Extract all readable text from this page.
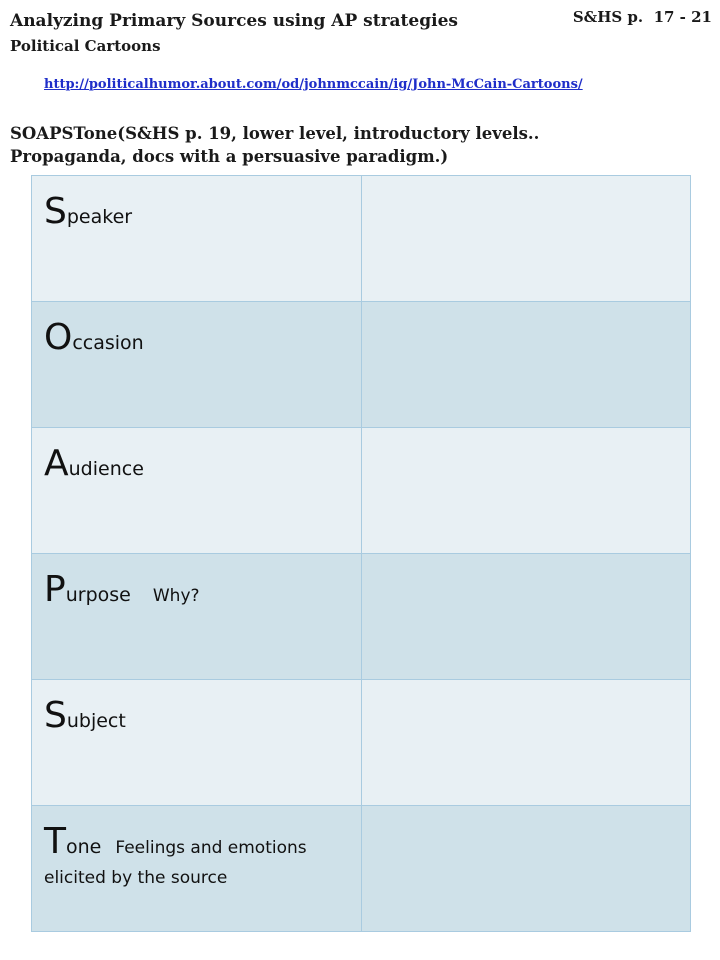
Analyzing Primary Sources using AP strategies
Political Cartoons
S&HS p.  17 - 21
http://politicalhumor.about.com/od/johnmccain/ig/John-McCain-Cartoons/
SOAPSTone(S&HS p. 19, lower level, introductory levels..
Propaganda, docs with a persuasive paradigm.)
Speaker	

Occasion	

Audience	

Purpose Why?	

Subject	

Tone Feelings and emotions
elicited by the source	
